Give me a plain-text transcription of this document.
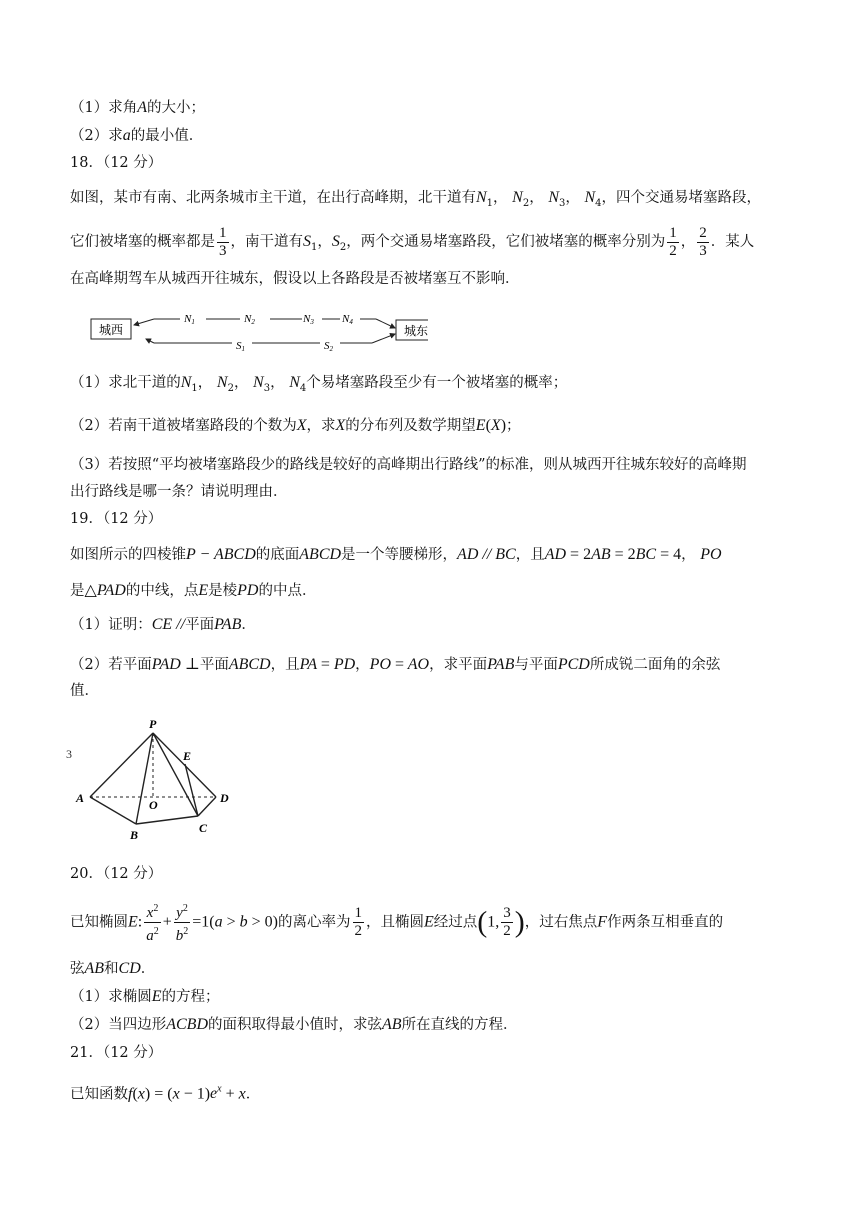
（1）求角A的大小；
（2）求a的最小值．
18．（12 分）
如图，某市有南、北两条城市主干道，在出行高峰期，北干道有$N_1$， $N_2$， $N_3$， $N_4$，四个交通易堵塞路段，
它们被堵塞的概率都是 $\frac{1}{3}$ ，南干道有$S_1$，$S_2$，两个交通易堵塞路段，它们被堵塞的概率分别为 $\frac{1}{2}$ ， $\frac{2}{3}$ ．某人
在高峰期驾车从城西开往城东，假设以上各路段是否被堵塞互不影响．
城西	城东
N1	N2	N3	N4
S1	S2
（1）求北干道的$N_1$， $N_2$， $N_3$， $N_4$个易堵塞路段至少有一个被堵塞的概率；
（2）若南干道被堵塞路段的个数为X，求X的分布列及数学期望E(X)；
（3）若按照“平均被堵塞路段少的路线是较好的高峰期出行路线”的标准，则从城西开往城东较好的高峰期
出行路线是哪一条？请说明理由．
19．（12 分）
如图所示的四棱锥P − ABCD的底面ABCD是一个等腰梯形，AD // BC，且AD = 2AB = 2BC = 4， PO
是△PAD的中线，点E是棱PD的中点．
（1）证明：CE //平面PAB．
（2）若平面PAD ⊥平面ABCD，且PA = PD，PO = AO，求平面PAB与平面PCD所成锐二面角的余弦
值．
3
P
E
A	O	D
B	C
20．（12 分）
已知椭圆E: $\frac{x^2}{a^2} + \frac{y^2}{b^2} =1(a > b > 0)$的离心率为 $\frac{1}{2}$ ，且椭圆E经过点(1, $\frac{3}{2}$ )，过右焦点F作两条互相垂直的
弦AB和CD．
（1）求椭圆E的方程；
（2）当四边形ACBD的面积取得最小值时，求弦AB所在直线的方程．
21．（12 分）
已知函数$f(x) = (x - 1)e^x + x$．
